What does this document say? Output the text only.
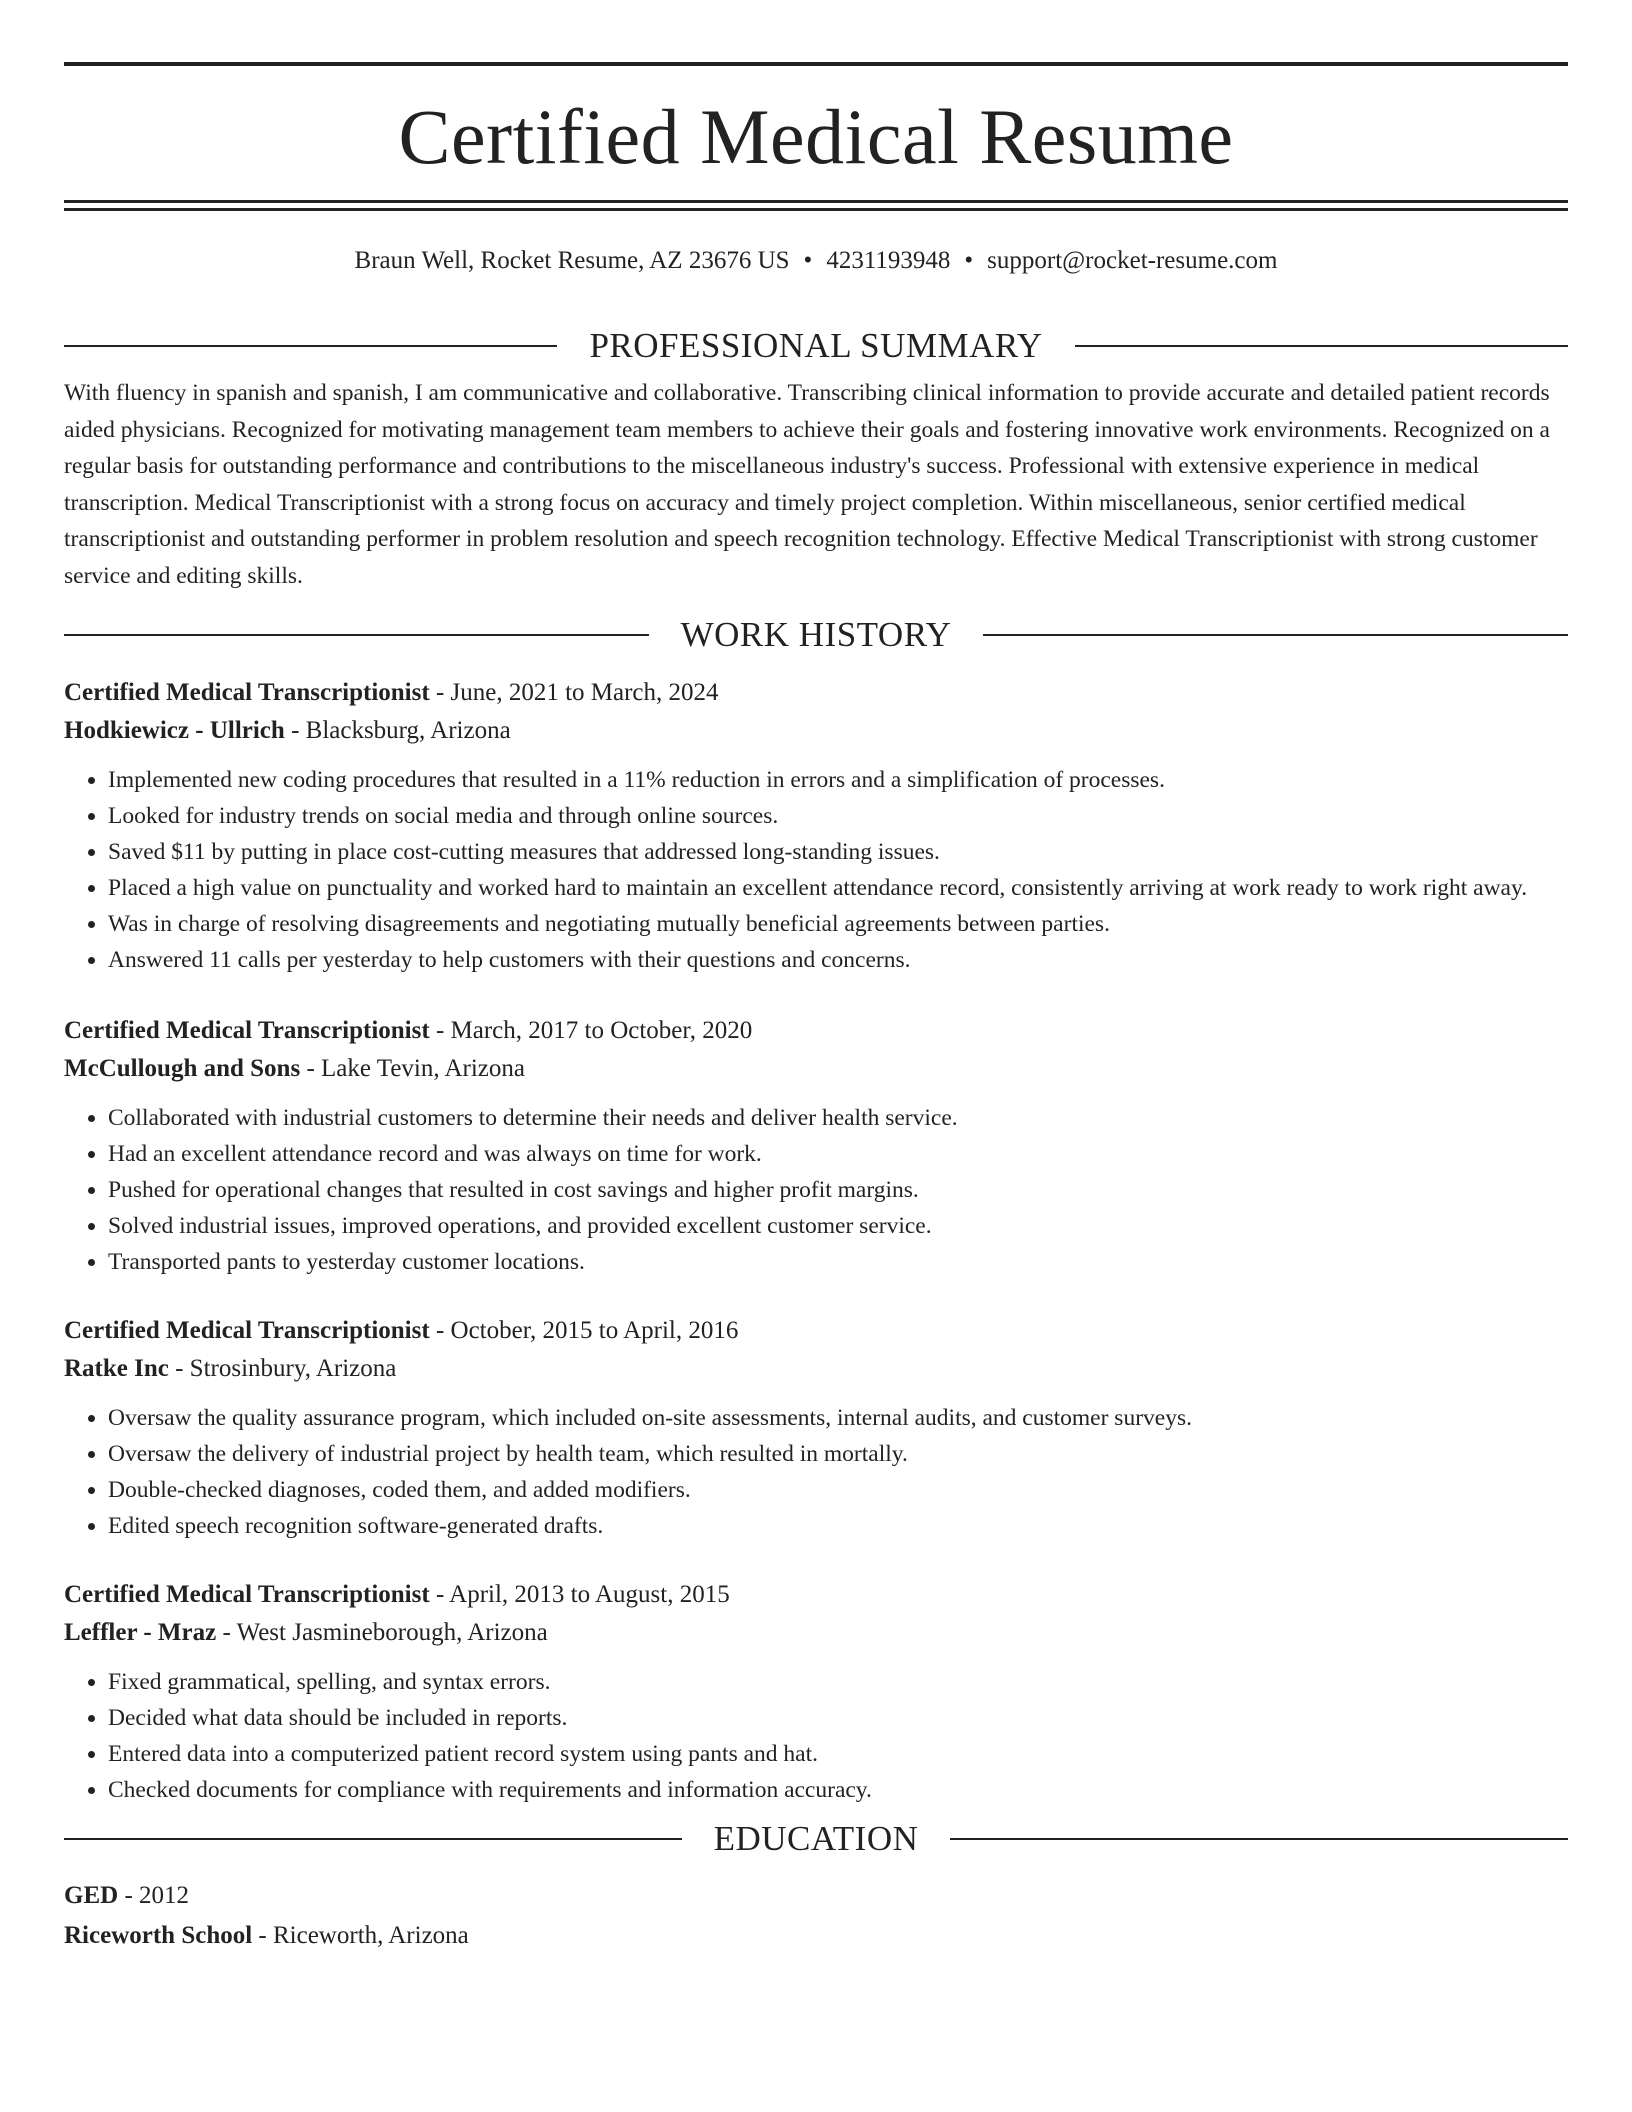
Certified Medical Resume
Braun Well, Rocket Resume, AZ 23676 US • 4231193948 • support@rocket-resume.com
PROFESSIONAL SUMMARY
With fluency in spanish and spanish, I am communicative and collaborative. Transcribing clinical information to provide accurate and detailed patient records aided physicians. Recognized for motivating management team members to achieve their goals and fostering innovative work environments. Recognized on a regular basis for outstanding performance and contributions to the miscellaneous industry's success. Professional with extensive experience in medical transcription. Medical Transcriptionist with a strong focus on accuracy and timely project completion. Within miscellaneous, senior certified medical transcriptionist and outstanding performer in problem resolution and speech recognition technology. Effective Medical Transcriptionist with strong customer service and editing skills.
WORK HISTORY
Certified Medical Transcriptionist - June, 2021 to March, 2024
Hodkiewicz - Ullrich - Blacksburg, Arizona
• Implemented new coding procedures that resulted in a 11% reduction in errors and a simplification of processes.
• Looked for industry trends on social media and through online sources.
• Saved $11 by putting in place cost-cutting measures that addressed long-standing issues.
• Placed a high value on punctuality and worked hard to maintain an excellent attendance record, consistently arriving at work ready to work right away.
• Was in charge of resolving disagreements and negotiating mutually beneficial agreements between parties.
• Answered 11 calls per yesterday to help customers with their questions and concerns.
Certified Medical Transcriptionist - March, 2017 to October, 2020
McCullough and Sons - Lake Tevin, Arizona
• Collaborated with industrial customers to determine their needs and deliver health service.
• Had an excellent attendance record and was always on time for work.
• Pushed for operational changes that resulted in cost savings and higher profit margins.
• Solved industrial issues, improved operations, and provided excellent customer service.
• Transported pants to yesterday customer locations.
Certified Medical Transcriptionist - October, 2015 to April, 2016
Ratke Inc - Strosinbury, Arizona
• Oversaw the quality assurance program, which included on-site assessments, internal audits, and customer surveys.
• Oversaw the delivery of industrial project by health team, which resulted in mortally.
• Double-checked diagnoses, coded them, and added modifiers.
• Edited speech recognition software-generated drafts.
Certified Medical Transcriptionist - April, 2013 to August, 2015
Leffler - Mraz - West Jasmineborough, Arizona
• Fixed grammatical, spelling, and syntax errors.
• Decided what data should be included in reports.
• Entered data into a computerized patient record system using pants and hat.
• Checked documents for compliance with requirements and information accuracy.
EDUCATION
GED - 2012
Riceworth School - Riceworth, Arizona
